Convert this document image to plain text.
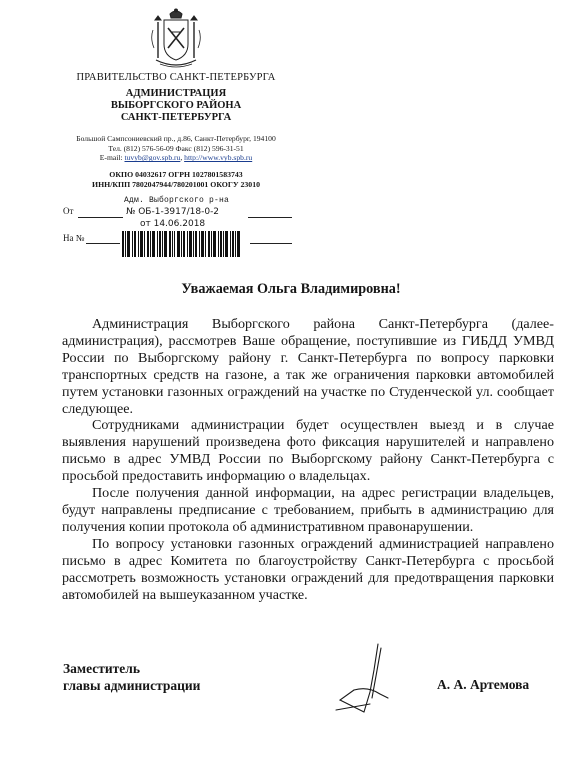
ПРАВИТЕЛЬСТВО САНКТ-ПЕТЕРБУРГА
АДМИНИСТРАЦИЯ
ВЫБОРГСКОГО РАЙОНА
САНКТ-ПЕТЕРБУРГА
Большой Сампсониевский пр., д.86, Санкт-Петербург, 194100
Тел. (812) 576-56-09 Факс (812) 596-31-51
E-mail: tuvyb@gov.spb.ru, http://www.vyb.spb.ru
ОКПО 04032617 ОГРН 1027801583743
ИНН/КПП 7802047944/780201001 ОКОГУ 23010
От
На №
Адм. Выборгского р-на
№ ОБ-1-3917/18-0-2
от 14.06.2018
Уважаемая Ольга Владимировна!

Администрация Выборгского района Санкт-Петербурга (далее-администрация), рассмотрев Ваше обращение, поступившие из ГИБДД УМВД России по Выборгскому району г. Санкт-Петербурга по вопросу парковки транспортных средств на газоне, а так же ограничения парковки автомобилей путем установки газонных ограждений на участке по Студенческой ул. сообщает следующее.

Сотрудниками администрации будет осуществлен выезд и в случае выявления нарушений произведена фото фиксация нарушителей и направлено письмо в адрес УМВД России по Выборгскому району Санкт-Петербурга с просьбой предоставить информацию о владельцах.

После получения данной информации, на адрес регистрации владельцев, будут направлены предписание с требованием, прибыть в администрацию для получения копии протокола об административном правонарушении.

По вопросу установки газонных ограждений администрацией направлено письмо в адрес Комитета по благоустройству Санкт-Петербурга с просьбой рассмотреть возможность установки ограждений для предотвращения парковки автомобилей на вышеуказанном участке.

Заместитель
главы администрации	А. А. Артемова
